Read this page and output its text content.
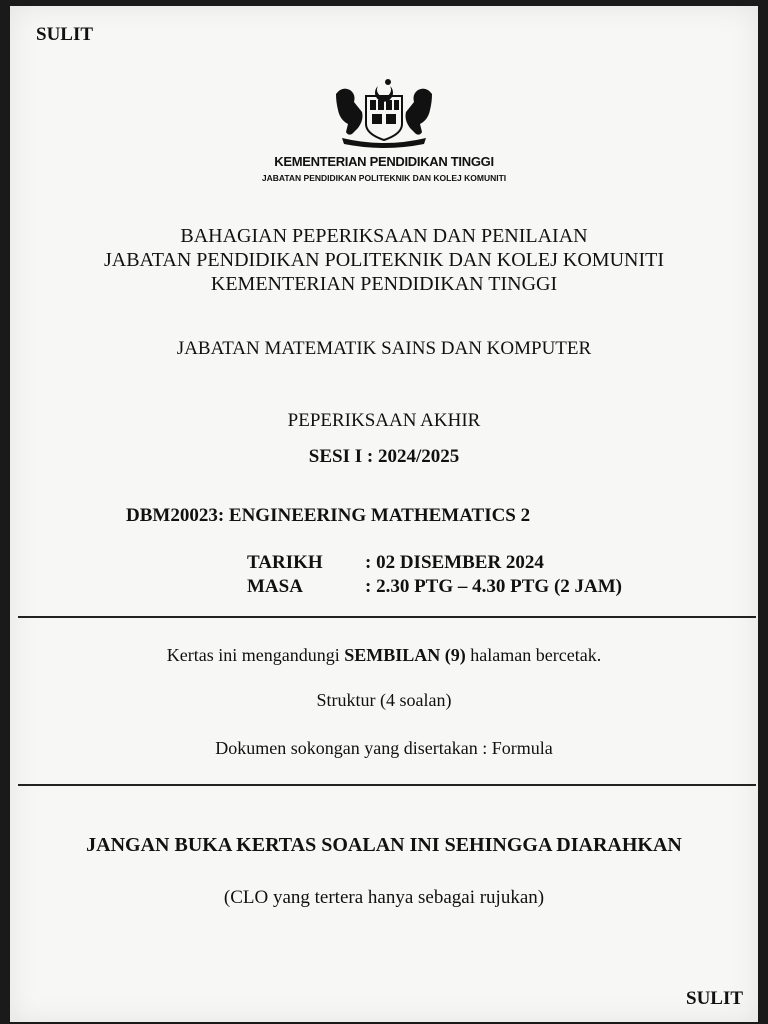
SULIT
KEMENTERIAN PENDIDIKAN TINGGI
JABATAN PENDIDIKAN POLITEKNIK DAN KOLEJ KOMUNITI
BAHAGIAN PEPERIKSAAN DAN PENILAIAN
JABATAN PENDIDIKAN POLITEKNIK DAN KOLEJ KOMUNITI
KEMENTERIAN PENDIDIKAN TINGGI
JABATAN MATEMATIK SAINS DAN KOMPUTER
PEPERIKSAAN AKHIR
SESI I : 2024/2025
DBM20023: ENGINEERING MATHEMATICS 2
TARIKH	: 02 DISEMBER 2024
MASA	: 2.30 PTG – 4.30 PTG (2 JAM)
Kertas ini mengandungi SEMBILAN (9) halaman bercetak.
Struktur (4 soalan)
Dokumen sokongan yang disertakan : Formula
JANGAN BUKA KERTAS SOALAN INI SEHINGGA DIARAHKAN
(CLO yang tertera hanya sebagai rujukan)
SULIT
